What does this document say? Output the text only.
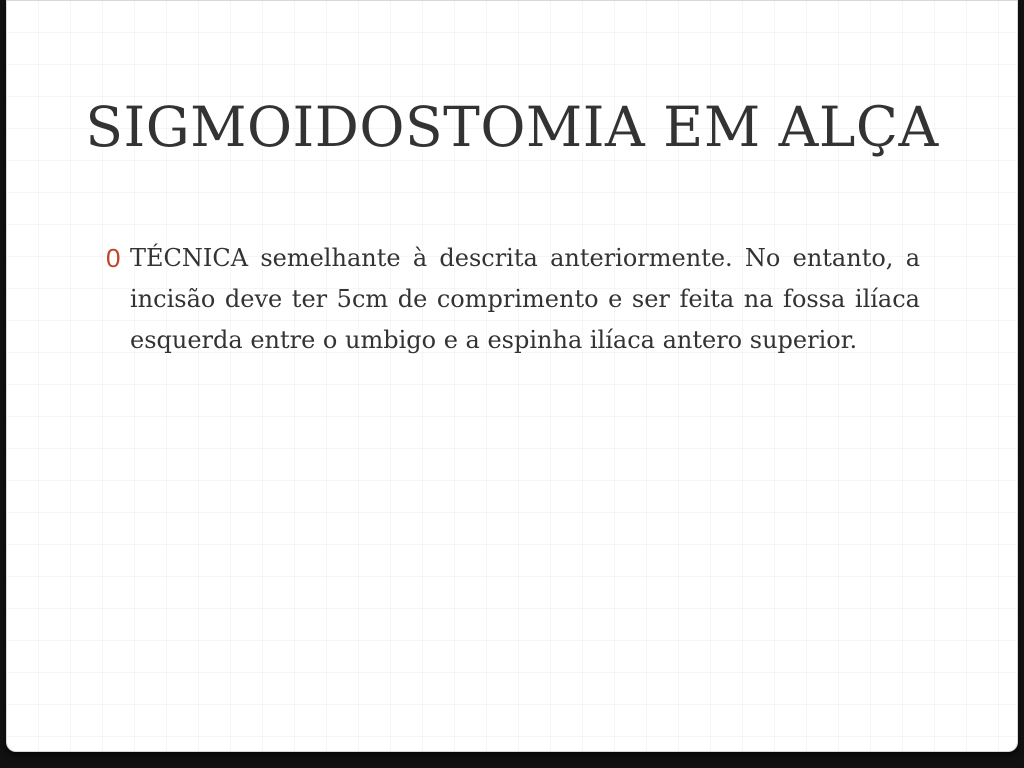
SIGMOIDOSTOMIA EM ALÇA
0 TÉCNICA semelhante à descrita anteriormente. No entanto, a incisão deve ter 5cm de comprimento e ser feita na fossa ilíaca esquerda entre o umbigo e a espinha ilíaca antero superior.
